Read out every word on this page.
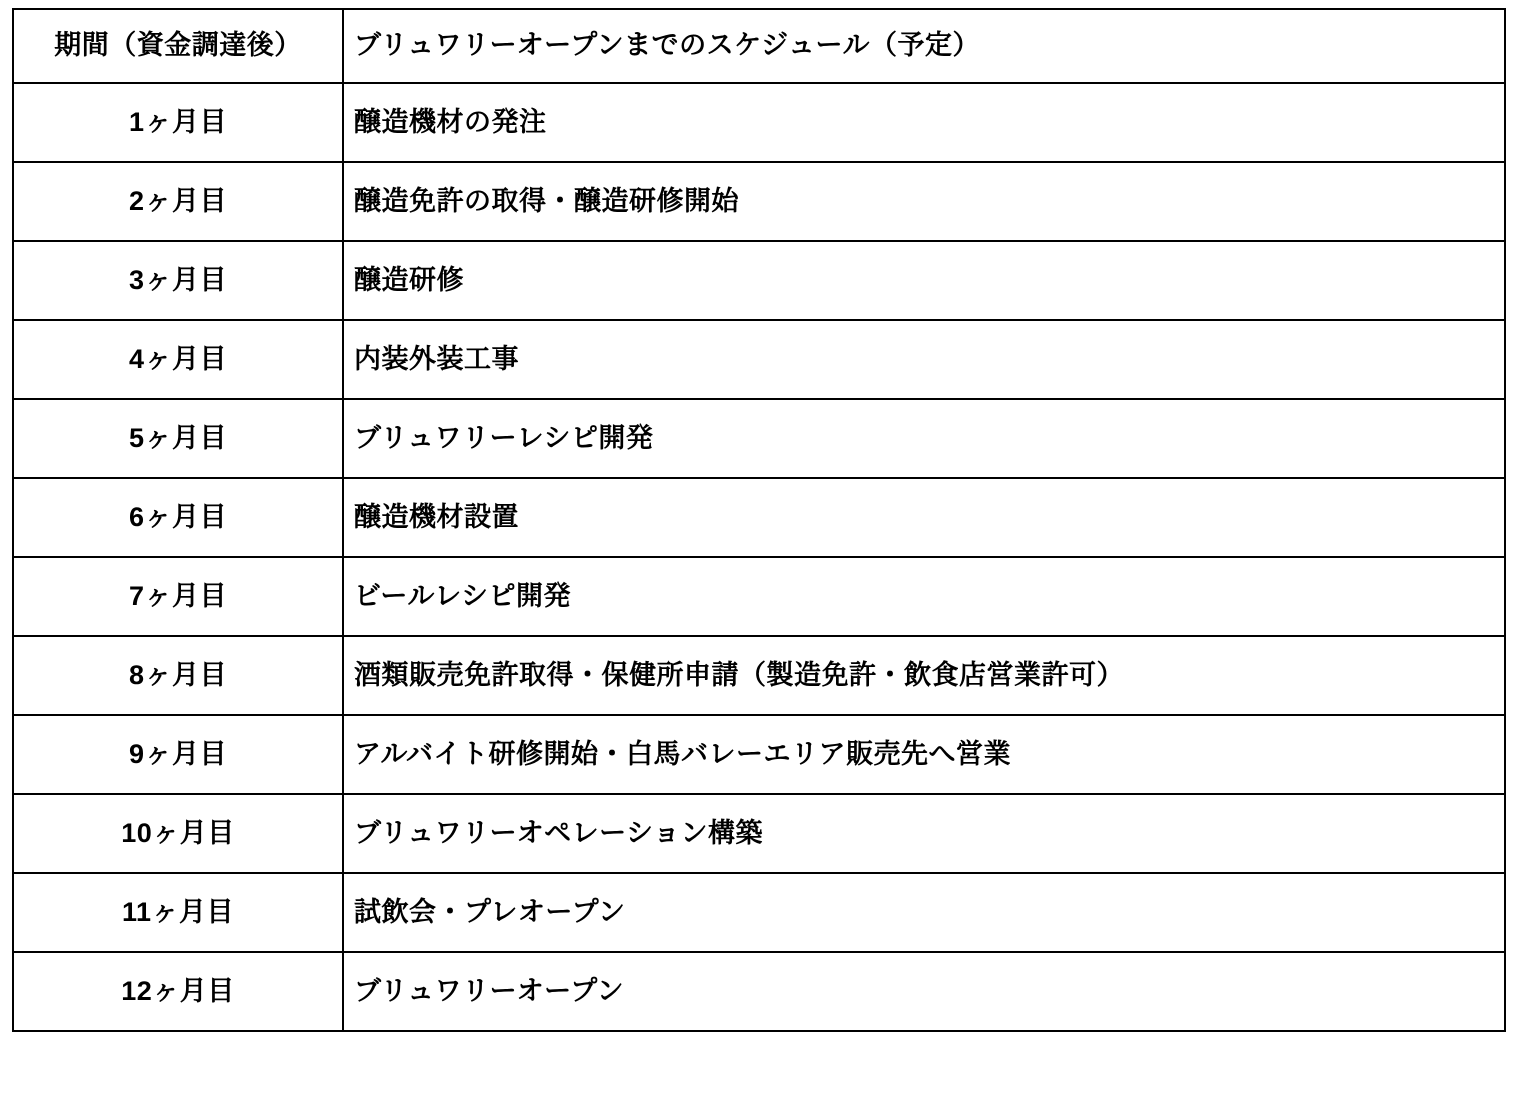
期間（資金調達後）	ブリュワリーオープンまでのスケジュール（予定）
1ヶ月目	醸造機材の発注
2ヶ月目	醸造免許の取得・醸造研修開始
3ヶ月目	醸造研修
4ヶ月目	内装外装工事
5ヶ月目	ブリュワリーレシピ開発
6ヶ月目	醸造機材設置
7ヶ月目	ビールレシピ開発
8ヶ月目	酒類販売免許取得・保健所申請（製造免許・飲食店営業許可）
9ヶ月目	アルバイト研修開始・白馬バレーエリア販売先へ営業
10ヶ月目	ブリュワリーオペレーション構築
11ヶ月目	試飲会・プレオープン
12ヶ月目	ブリュワリーオープン
